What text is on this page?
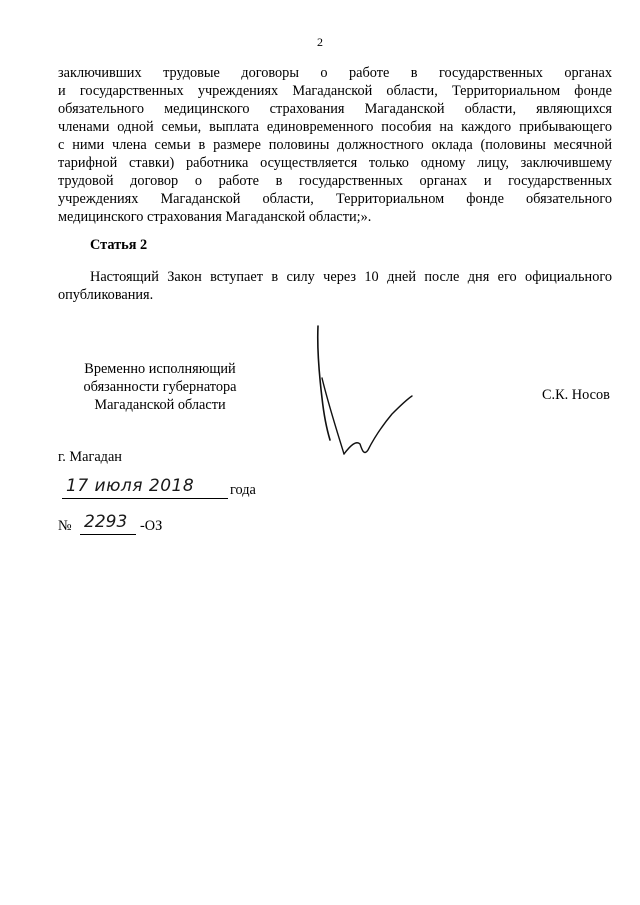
2
заключивших трудовые договоры о работе в государственных органах
и государственных учреждениях Магаданской области, Территориальном фонде
обязательного медицинского страхования Магаданской области, являющихся
членами одной семьи, выплата единовременного пособия на каждого прибывающего
с ними члена семьи в размере половины должностного оклада (половины месячной
тарифной ставки) работника осуществляется только одному лицу, заключившему
трудовой договор о работе в государственных органах и государственных
учреждениях Магаданской области, Территориальном фонде обязательного
медицинского страхования Магаданской области;».
Статья 2
Настоящий Закон вступает в силу через 10 дней после дня его официального
опубликования.
Временно исполняющий
обязанности губернатора
Магаданской области
С.К. Носов
г. Магадан
17 июля 2018	года
№ 2293 -ОЗ
